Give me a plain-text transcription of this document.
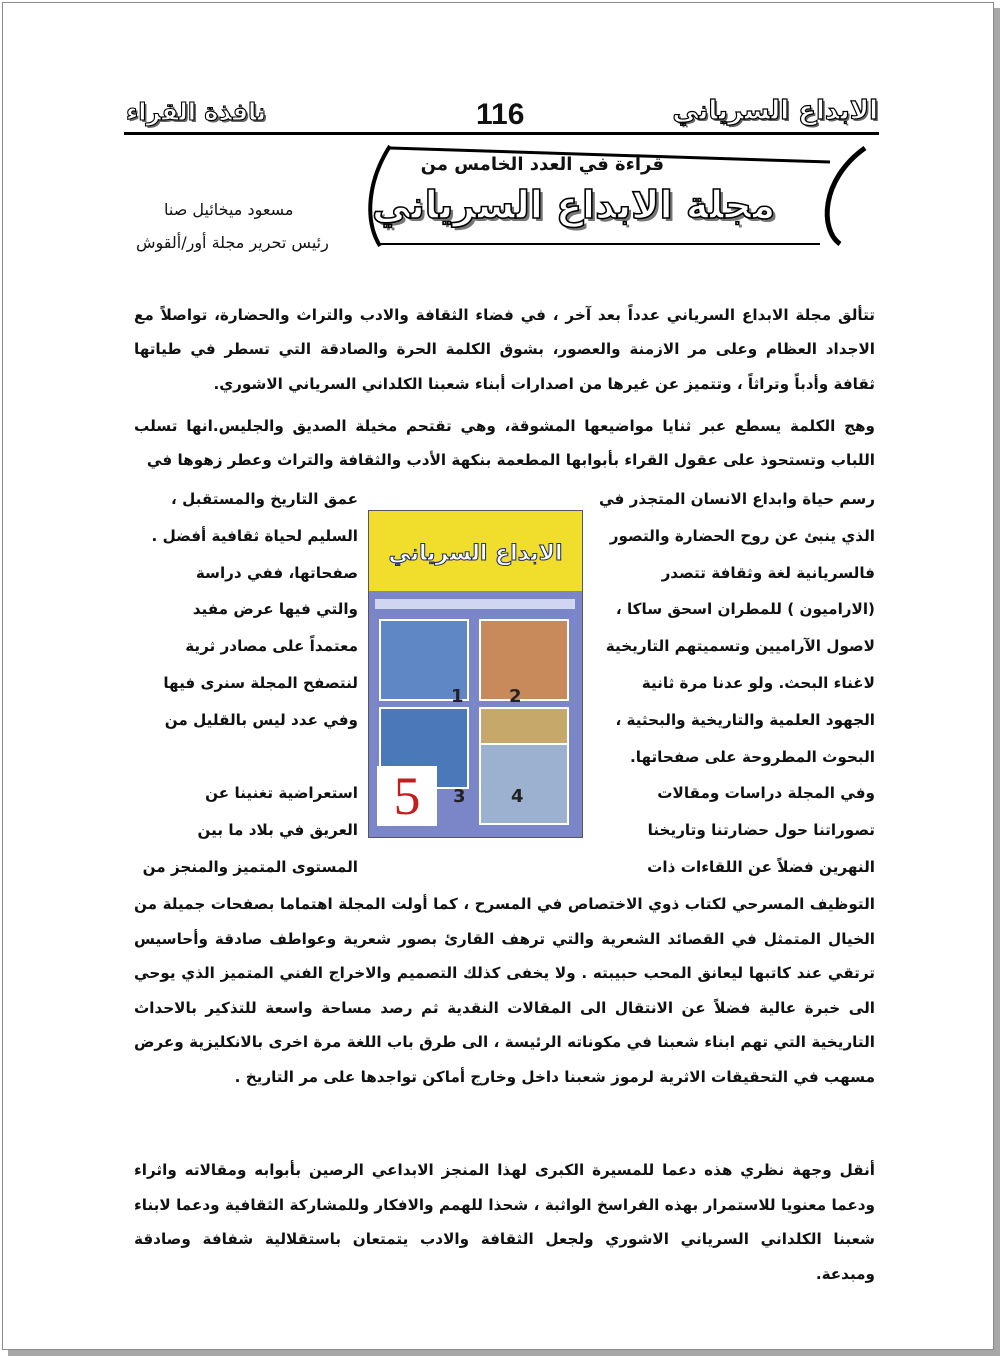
الابداع السرياني
116
نافذة القراء
قراءة في العدد الخامس من
مجلة الابداع السرياني
مسعود ميخائيل صنا
رئيس تحرير مجلة أور/ألقوش
تتألق مجلة الابداع السرياني عدداً بعد آخر ، في فضاء الثقافة والادب والتراث والحضارة، تواصلاً مع الاجداد العظام وعلى مر الازمنة والعصور، بشوق الكلمة الحرة والصادقة التي تسطر في طياتها ثقافة وأدباً وتراثاً ، وتتميز عن غيرها من اصدارات أبناء شعبنا الكلداني السرياني الاشوري.
وهج الكلمة يسطع عبر ثنايا مواضيعها المشوقة، وهي تقتحم مخيلة الصديق والجليس.انها تسلب اللباب وتستحوذ على عقول القراء بأبوابها المطعمة بنكهة الأدب والثقافة والتراث وعطر زهوها في
رسم حياة وابداع الانسان المتجذر في
الذي ينبئ عن روح الحضارة والتصور
فالسريانية لغة وثقافة تتصدر
(الاراميون ) للمطران اسحق ساكا ،
لاصول الآراميين وتسميتهم التاريخية
لاغناء البحث. ولو عدنا مرة ثانية
الجهود العلمية والتاريخية والبحثية ،
البحوث المطروحة على صفحاتها.
وفي المجلة دراسات ومقالات
تصوراتنا حول حضارتنا وتاريخنا
النهرين فضلاً عن اللقاءات ذات
عمق التاريخ والمستقبل ،
السليم لحياة ثقافية أفضل .
صفحاتها، ففي دراسة
والتي فيها عرض مفيد
معتمداً على مصادر ثرية
لنتصفح المجلة سنرى فيها
وفي عدد ليس بالقليل من
استعراضية تغنينا عن
العريق في بلاد ما بين
المستوى المتميز والمنجز من
الابداع السرياني
1	2
3	4
5
التوظيف المسرحي لكتاب ذوي الاختصاص في المسرح ، كما أولت المجلة اهتماما بصفحات جميلة من الخيال المتمثل في القصائد الشعرية والتي ترهف القارئ بصور شعرية وعواطف صادقة وأحاسيس ترتقي عند كاتبها ليعانق المحب حبيبته . ولا يخفى كذلك التصميم والاخراج الفني المتميز الذي يوحي الى خبرة عالية فضلاً عن الانتقال الى المقالات النقدية ثم رصد مساحة واسعة للتذكير بالاحداث التاريخية التي تهم ابناء شعبنا في مكوناته الرئيسة ، الى طرق باب اللغة مرة اخرى بالانكليزية وعرض مسهب في التحقيقات الاثرية لرموز شعبنا داخل وخارج أماكن تواجدها على مر التاريخ .
أنقل وجهة نظري هذه دعما للمسيرة الكبرى لهذا المنجز الابداعي الرصين بأبوابه ومقالاته واثراء ودعما معنويا للاستمرار بهذه الفراسخ الواثبة ، شحذا للهمم والافكار وللمشاركة الثقافية ودعما لابناء شعبنا الكلداني السرياني الاشوري ولجعل الثقافة والادب يتمتعان باستقلالية شفافة وصادقة ومبدعة.
